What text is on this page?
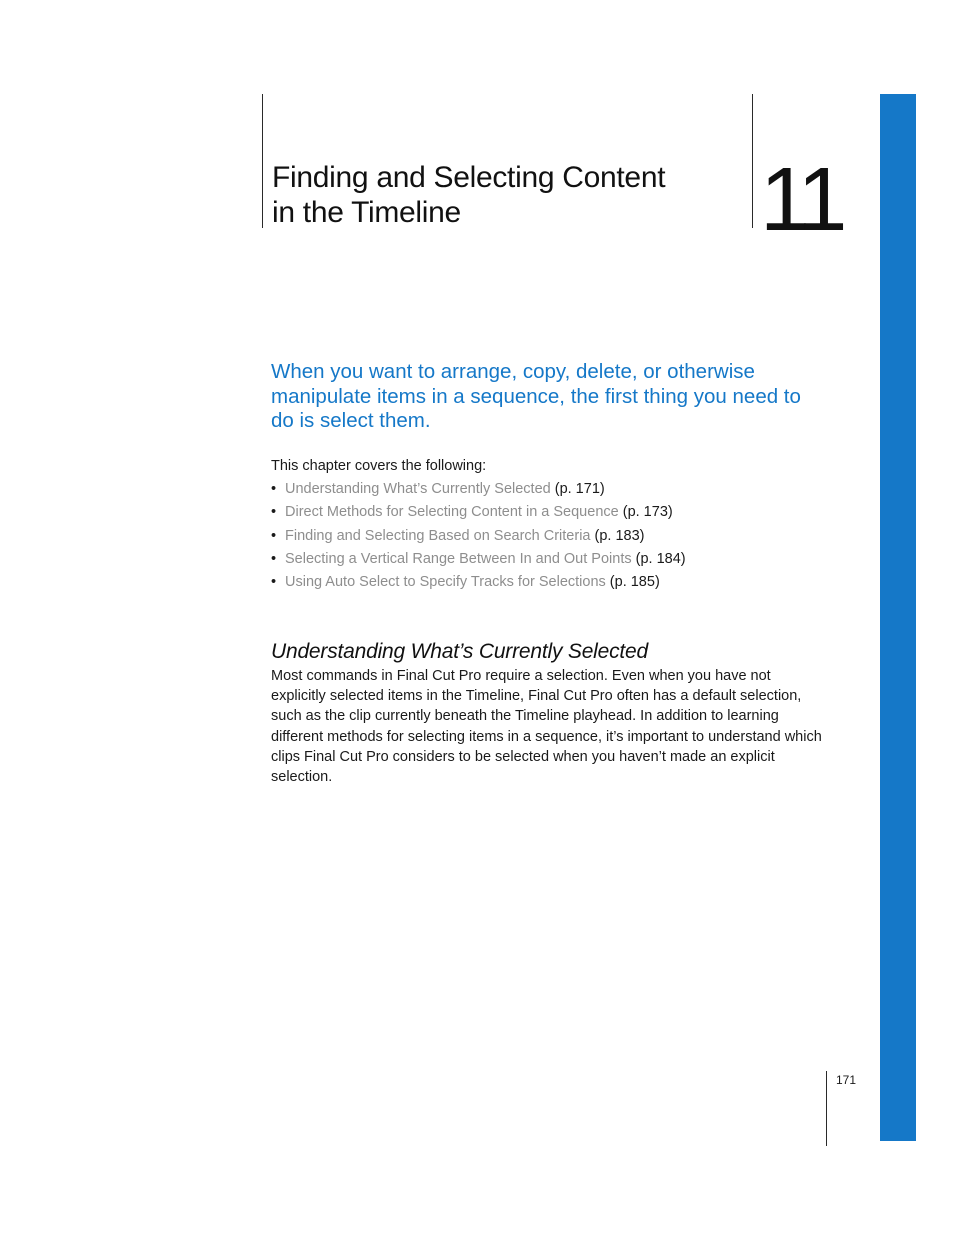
Finding and Selecting Content
in the Timeline	11

When you want to arrange, copy, delete, or otherwise manipulate items in a sequence, the first thing you need to do is select them.

This chapter covers the following:

• Understanding What’s Currently Selected (p. 171)
• Direct Methods for Selecting Content in a Sequence (p. 173)
• Finding and Selecting Based on Search Criteria (p. 183)
• Selecting a Vertical Range Between In and Out Points (p. 184)
• Using Auto Select to Specify Tracks for Selections (p. 185)
Understanding What’s Currently Selected

Most commands in Final Cut Pro require a selection. Even when you have not explicitly selected items in the Timeline, Final Cut Pro often has a default selection, such as the clip currently beneath the Timeline playhead. In addition to learning different methods for selecting items in a sequence, it’s important to understand which clips Final Cut Pro considers to be selected when you haven’t made an explicit selection.

171
